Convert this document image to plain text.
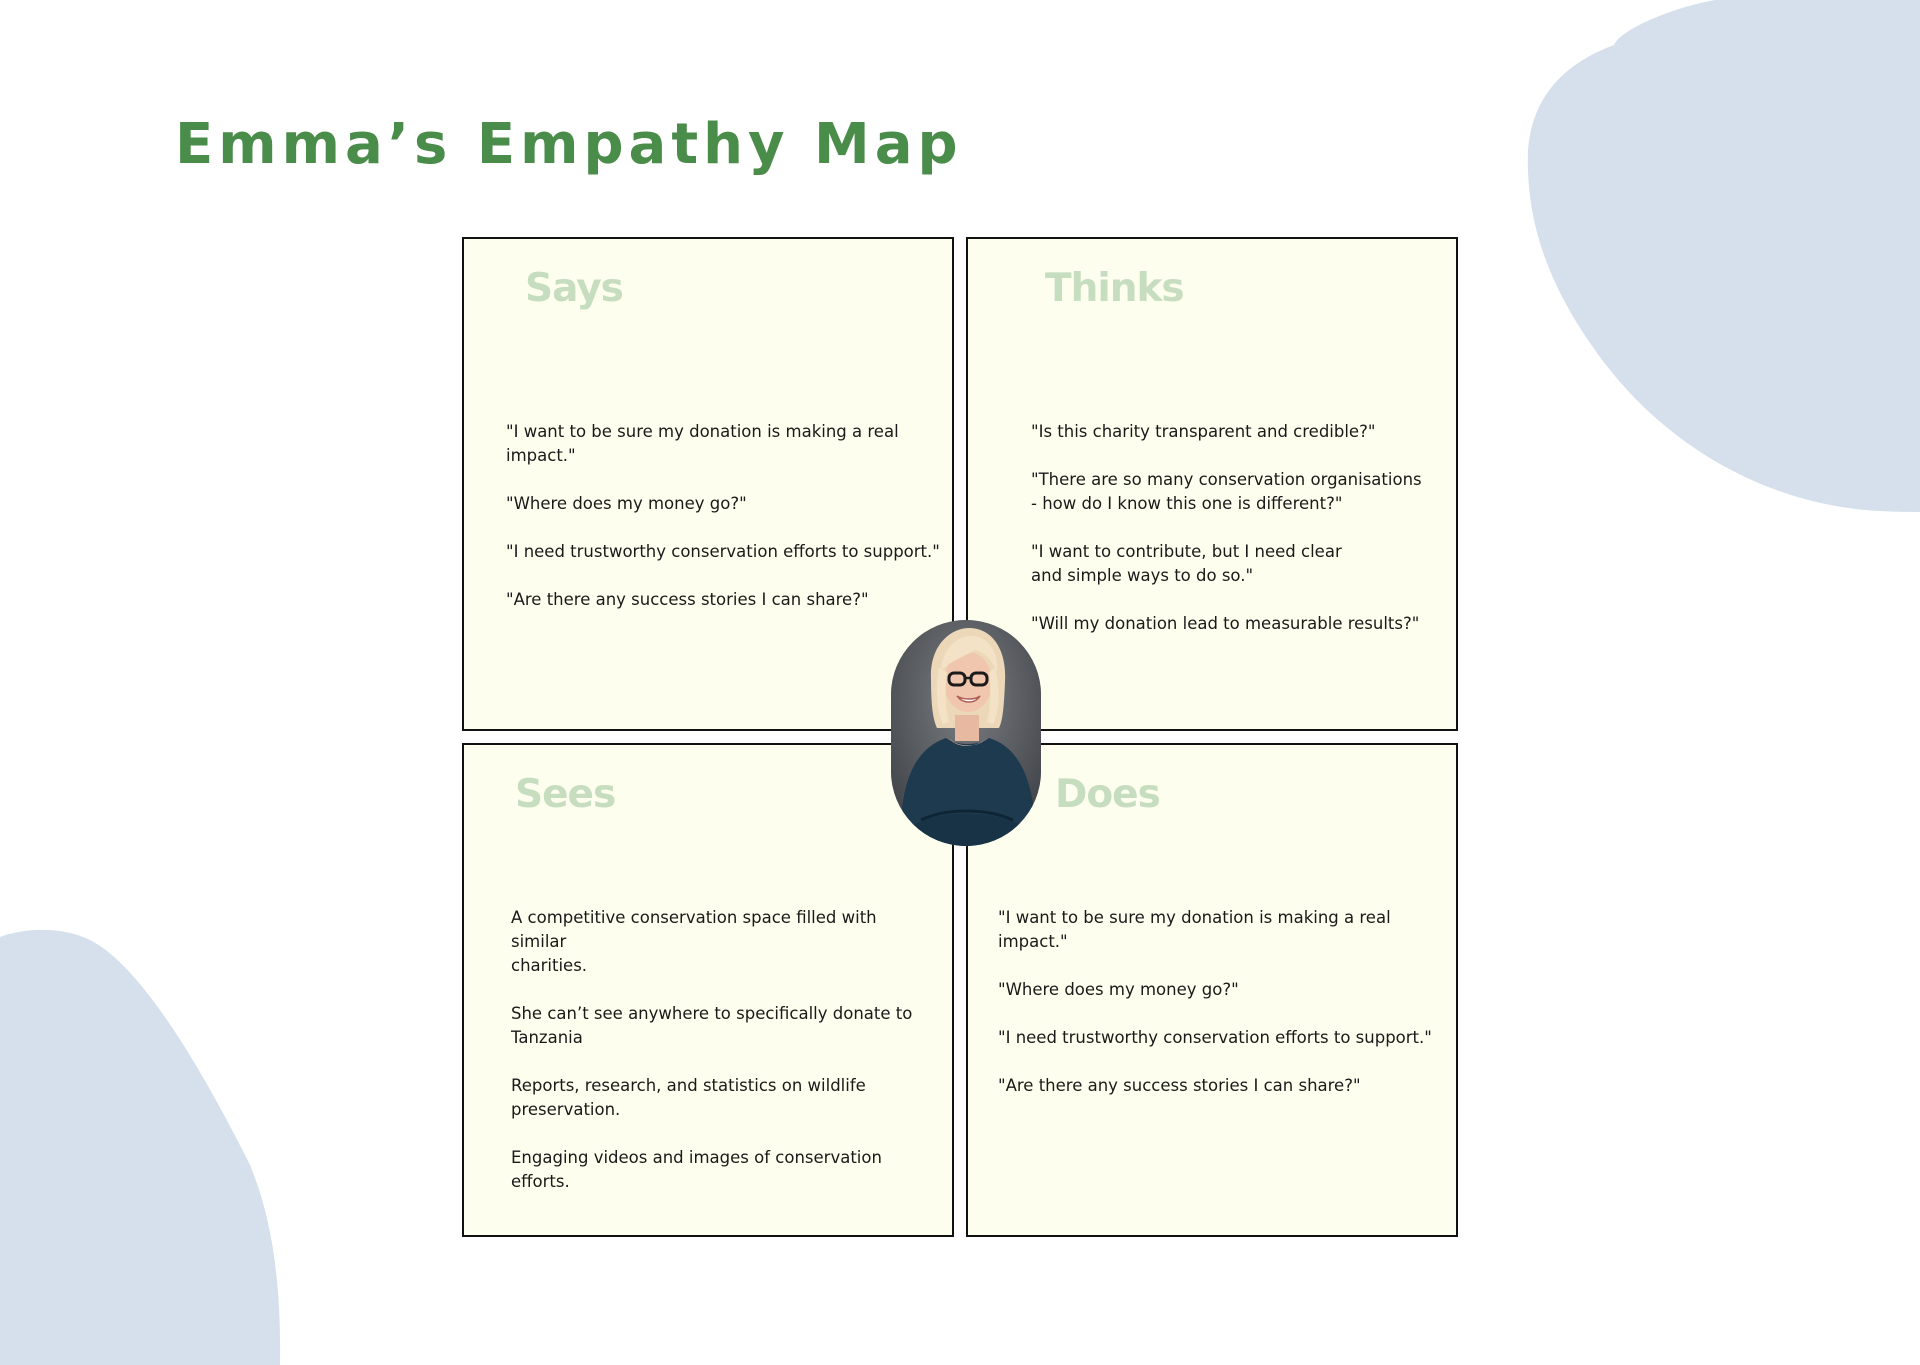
Emma’s Empathy Map
Says
"I want to be sure my donation is making a real impact."
"Where does my money go?"
"I need trustworthy conservation efforts to support."
"Are there any success stories I can share?"
Thinks
"Is this charity transparent and credible?"
"There are so many conservation organisations
- how do I know this one is different?"
"I want to contribute, but I need clear
and simple ways to do so."
"Will my donation lead to measurable results?"
Sees
A competitive conservation space filled with similar
charities.
She can’t see anywhere to specifically donate to
Tanzania
Reports, research, and statistics on wildlife
preservation.
Engaging videos and images of conservation
efforts.
Does
"I want to be sure my donation is making a real impact."
"Where does my money go?"
"I need trustworthy conservation efforts to support."
"Are there any success stories I can share?"
